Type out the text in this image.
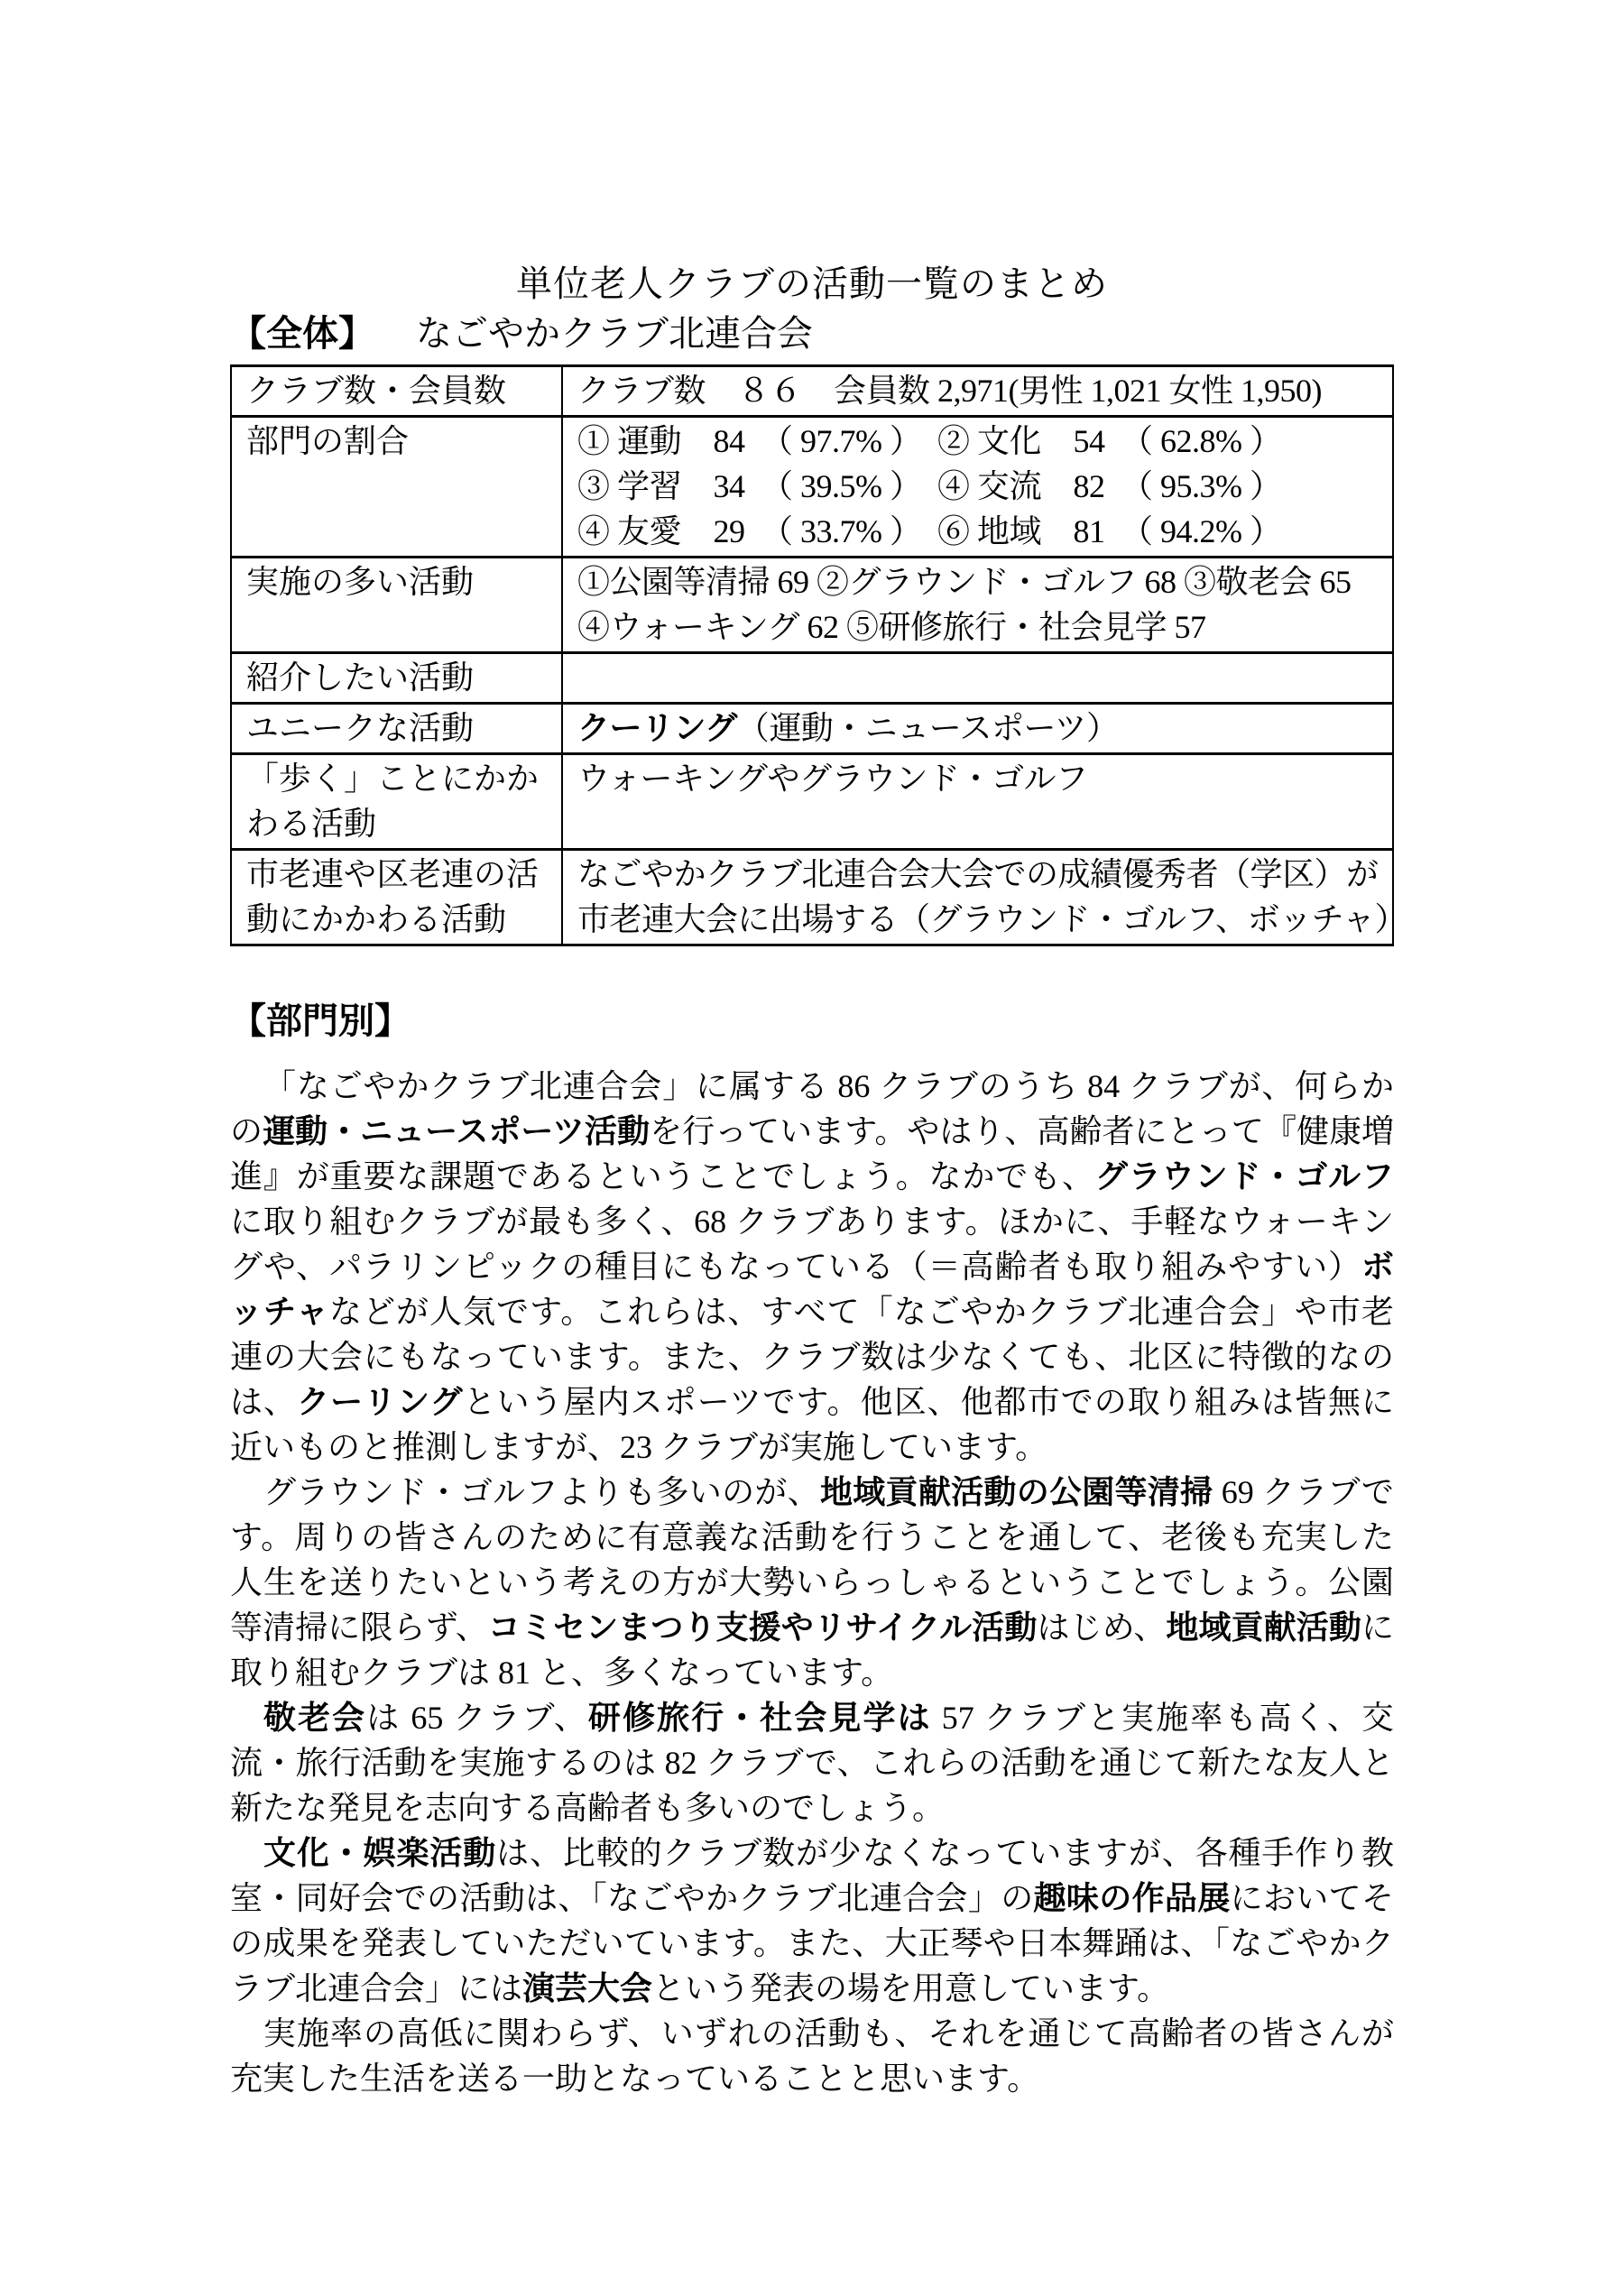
単位老人クラブの活動一覧のまとめ
【全体】 なごやかクラブ北連合会
クラブ数・会員数	クラブ数　８６　会員数 2,971(男性 1,021 女性 1,950)

部門の割合	① 運動　84　（ 97.7% ）　② 文化　54　（ 62.8% ）
③ 学習　34　（ 39.5% ）　④ 交流　82　（ 95.3% ）
④ 友愛　29　（ 33.7% ）　⑥ 地域　81　（ 94.2% ）

実施の多い活動	①公園等清掃 69 ②グラウンド・ゴルフ 68 ③敬老会 65
④ウォーキング 62 ⑤研修旅行・社会見学 57

紹介したい活動	
ユニークな活動	クーリング（運動・ニュースポーツ）

「歩く」ことにかかわる活動	ウォーキングやグラウンド・ゴルフ

市老連や区老連の活動にかかわる活動	なごやかクラブ北連合会大会での成績優秀者（学区）が
市老連大会に出場する（グラウンド・ゴルフ、ボッチャ）
【部門別】

「なごやかクラブ北連合会」に属する 86 クラブのうち 84 クラブが、何らかの運動・ニュースポーツ活動を行っています。やはり、高齢者にとって『健康増進』が重要な課題であるということでしょう。なかでも、グラウンド・ゴルフに取り組むクラブが最も多く、68 クラブあります。ほかに、手軽なウォーキングや、パラリンピックの種目にもなっている（＝高齢者も取り組みやすい）ボッチャなどが人気です。これらは、すべて「なごやかクラブ北連合会」や市老連の大会にもなっています。また、クラブ数は少なくても、北区に特徴的なのは、クーリングという屋内スポーツです。他区、他都市での取り組みは皆無に近いものと推測しますが、23 クラブが実施しています。

グラウンド・ゴルフよりも多いのが、地域貢献活動の公園等清掃 69 クラブです。周りの皆さんのために有意義な活動を行うことを通して、老後も充実した人生を送りたいという考えの方が大勢いらっしゃるということでしょう。公園等清掃に限らず、コミセンまつり支援やリサイクル活動はじめ、地域貢献活動に取り組むクラブは 81 と、多くなっています。

敬老会は 65 クラブ、研修旅行・社会見学は 57 クラブと実施率も高く、交流・旅行活動を実施するのは 82 クラブで、これらの活動を通じて新たな友人と新たな発見を志向する高齢者も多いのでしょう。

文化・娯楽活動は、比較的クラブ数が少なくなっていますが、各種手作り教室・同好会での活動は、「なごやかクラブ北連合会」の趣味の作品展においてその成果を発表していただいています。また、大正琴や日本舞踊は、「なごやかクラブ北連合会」には演芸大会という発表の場を用意しています。

実施率の高低に関わらず、いずれの活動も、それを通じて高齢者の皆さんが充実した生活を送る一助となっていることと思います。
